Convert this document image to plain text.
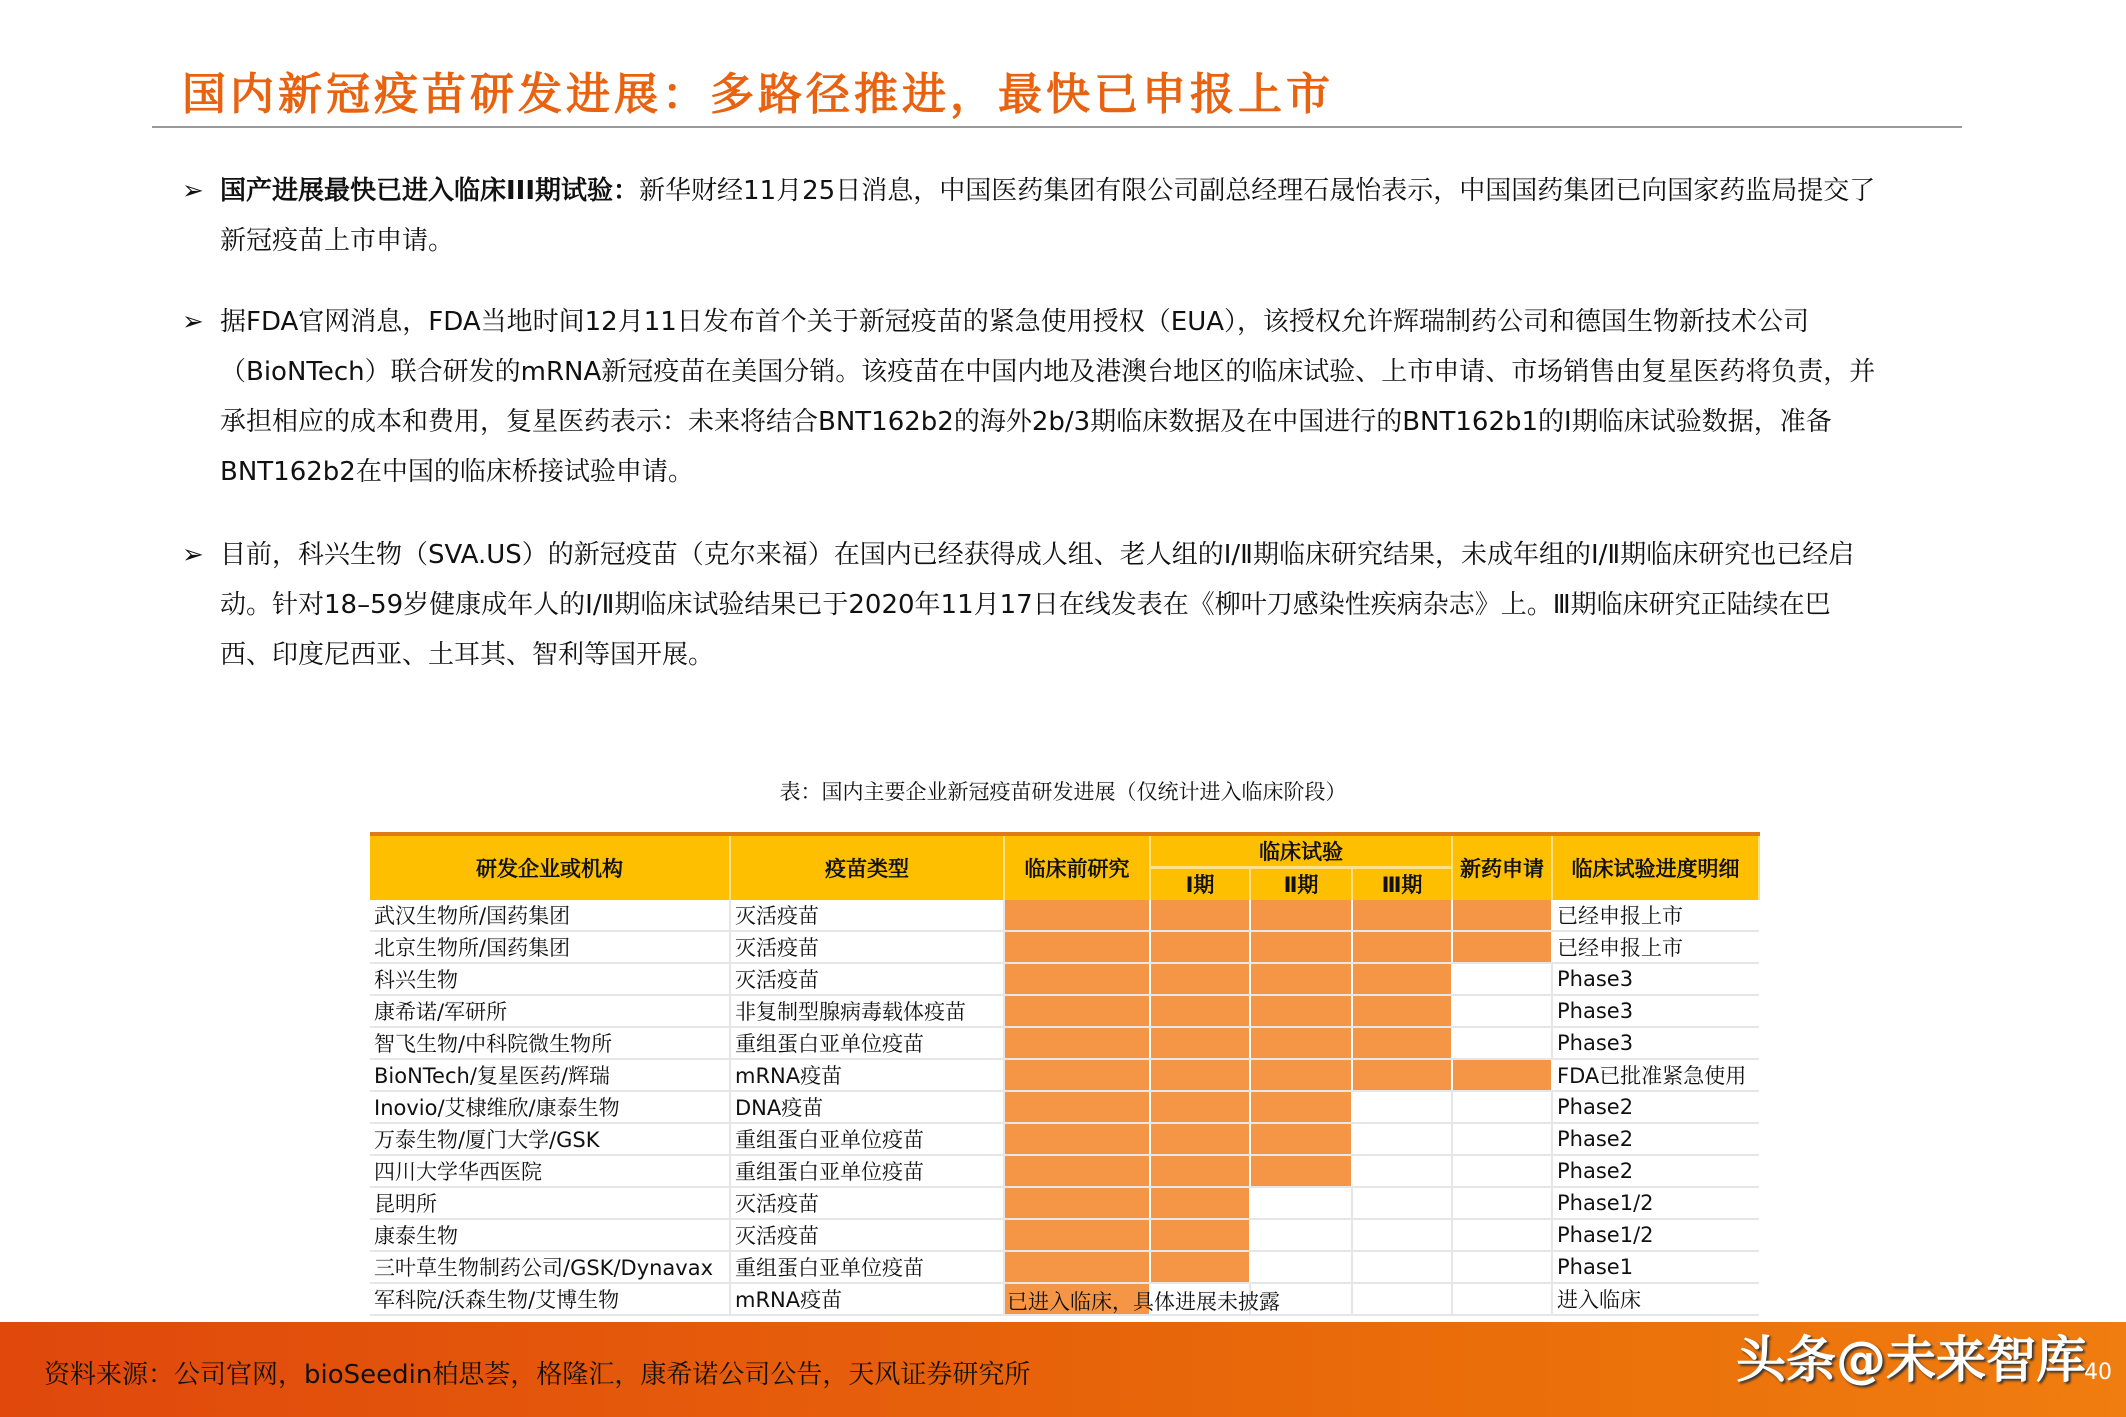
国内新冠疫苗研发进展：多路径推进，最快已申报上市
➢ 国产进展最快已进入临床III期试验：新华财经11月25日消息，中国医药集团有限公司副总经理石晟怡表示，中国国药集团已向国家药监局提交了新冠疫苗上市申请。
➢ 据FDA官网消息，FDA当地时间12月11日发布首个关于新冠疫苗的紧急使用授权（EUA），该授权允许辉瑞制药公司和德国生物新技术公司（BioNTech）联合研发的mRNA新冠疫苗在美国分销。该疫苗在中国内地及港澳台地区的临床试验、上市申请、市场销售由复星医药将负责，并承担相应的成本和费用，复星医药表示：未来将结合BNT162b2的海外2b/3期临床数据及在中国进行的BNT162b1的Ⅰ期临床试验数据，准备BNT162b2在中国的临床桥接试验申请。
➢ 目前，科兴生物（SVA.US）的新冠疫苗（克尔来福）在国内已经获得成人组、老人组的Ⅰ/Ⅱ期临床研究结果，未成年组的Ⅰ/Ⅱ期临床研究也已经启动。针对18–59岁健康成年人的Ⅰ/Ⅱ期临床试验结果已于2020年11月17日在线发表在《柳叶刀感染性疾病杂志》上。Ⅲ期临床研究正陆续在巴西、印度尼西亚、土耳其、智利等国开展。
表：国内主要企业新冠疫苗研发进展（仅统计进入临床阶段）
研发企业或机构	疫苗类型	临床前研究	临床试验			新药申请	临床试验进度明细
			Ⅰ期	Ⅱ期	Ⅲ期		
武汉生物所/国药集团	灭活疫苗						已经申报上市
北京生物所/国药集团	灭活疫苗						已经申报上市
科兴生物	灭活疫苗						Phase3
康希诺/军研所	非复制型腺病毒载体疫苗						Phase3
智飞生物/中科院微生物所	重组蛋白亚单位疫苗						Phase3
BioNTech/复星医药/辉瑞	mRNA疫苗						FDA已批准紧急使用
Inovio/艾棣维欣/康泰生物	DNA疫苗						Phase2
万泰生物/厦门大学/GSK	重组蛋白亚单位疫苗						Phase2
四川大学华西医院	重组蛋白亚单位疫苗						Phase2
昆明所	灭活疫苗						Phase1/2
康泰生物	灭活疫苗						Phase1/2
三叶草生物制药公司/GSK/Dynavax	重组蛋白亚单位疫苗						Phase1
军科院/沃森生物/艾博生物	mRNA疫苗	已进入临床，具体进展未披露					进入临床
资料来源：公司官网，bioSeedin柏思荟，格隆汇，康希诺公司公告，天风证券研究所	头条@未来智库
40
